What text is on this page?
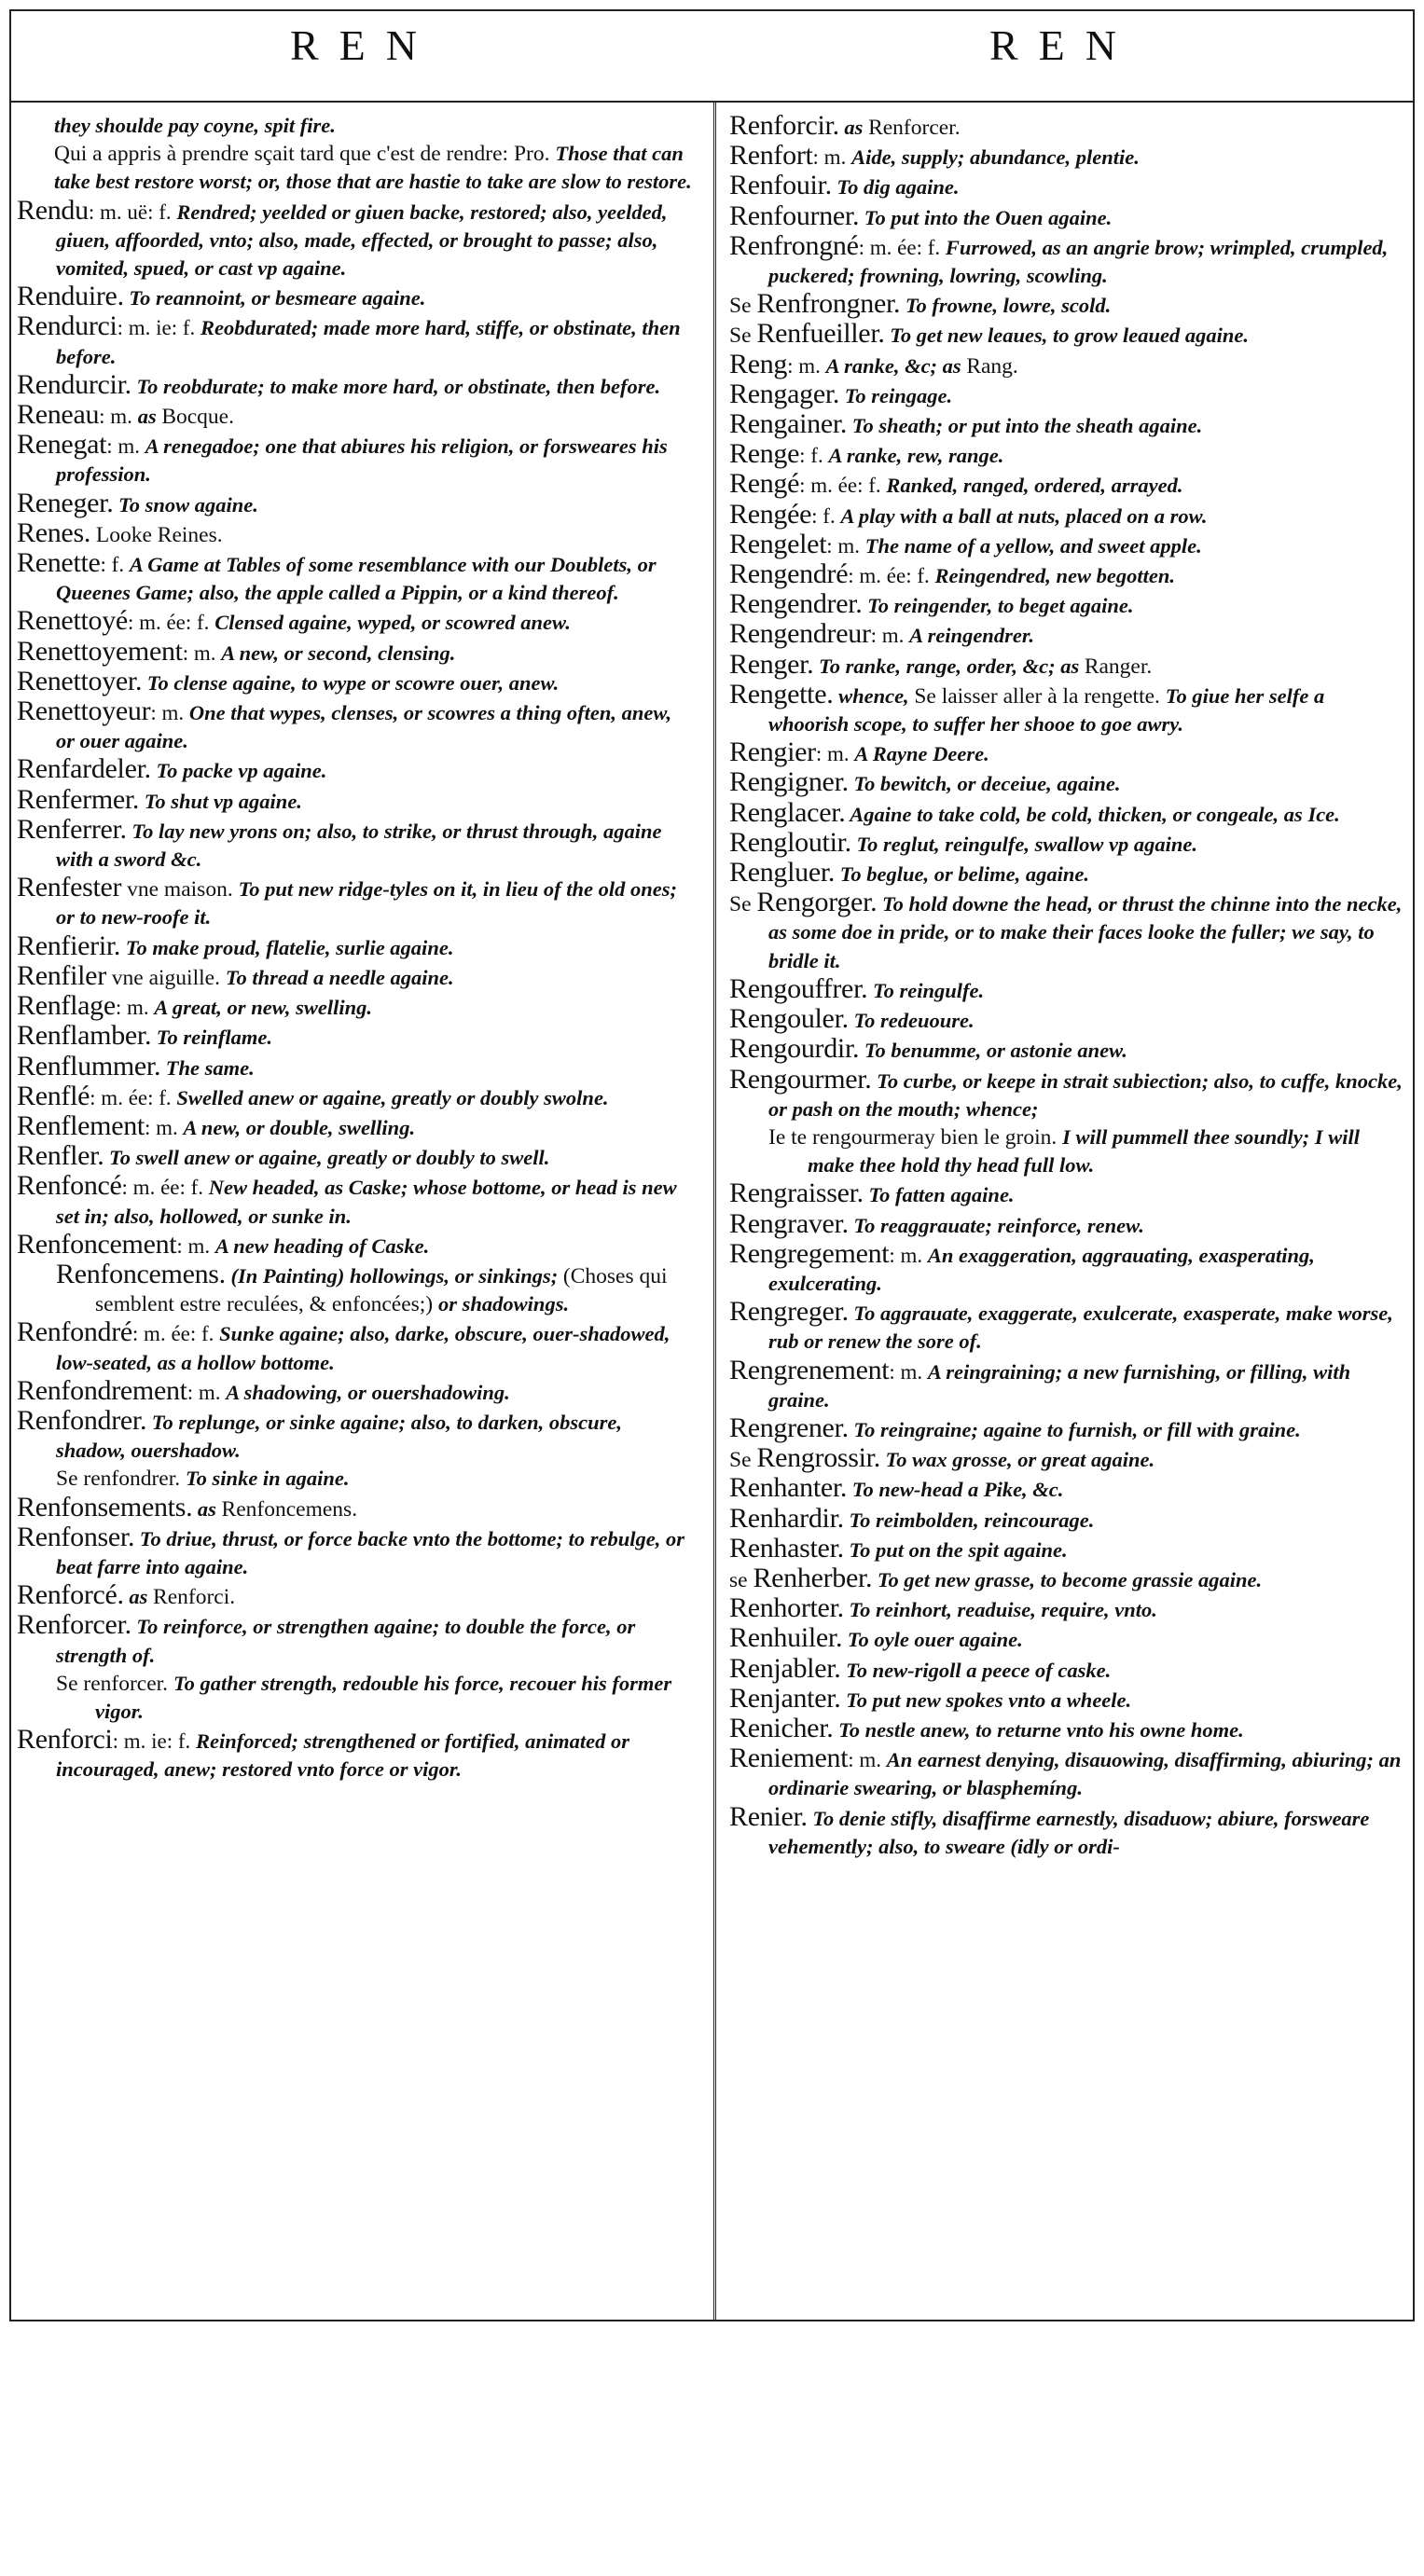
REN	REN

they shoulde pay coyne, spit fire.

Qui a appris à prendre sçait tard que c'est de rendre: Pro. Those that can take best restore worst; or, those that are hastie to take are slow to restore.

Rendu: m. uë: f. Rendred; yeelded or giuen backe, restored; also, yeelded, giuen, affoorded, vnto; also, made, effected, or brought to passe; also, vomited, spued, or cast vp againe.

Renduire. To reannoint, or besmeare againe.

Rendurci: m. ie: f. Reobdurated; made more hard, stiffe, or obstinate, then before.

Rendurcir. To reobdurate; to make more hard, or obstinate, then before.

Reneau: m. as Bocque.

Renegat: m. A renegadoe; one that abiures his religion, or forsweares his profession.

Reneger. To snow againe.

Renes. Looke Reines.

Renette: f. A Game at Tables of some resemblance with our Doublets, or Queenes Game; also, the apple called a Pippin, or a kind thereof.

Renettoyé: m. ée: f. Clensed againe, wyped, or scowred anew.

Renettoyement: m. A new, or second, clensing.

Renettoyer. To clense againe, to wype or scowre ouer, anew.

Renettoyeur: m. One that wypes, clenses, or scowres a thing often, anew, or ouer againe.

Renfardeler. To packe vp againe.

Renfermer. To shut vp againe.

Renferrer. To lay new yrons on; also, to strike, or thrust through, againe with a sword &c.

Renfester vne maison. To put new ridge-tyles on it, in lieu of the old ones; or to new-roofe it.

Renfierir. To make proud, flatelie, surlie againe.

Renfiler vne aiguille. To thread a needle againe.

Renflage: m. A great, or new, swelling.

Renflamber. To reinflame.

Renflummer. The same.

Renflé: m. ée: f. Swelled anew or againe, greatly or doubly swolne.

Renflement: m. A new, or double, swelling.

Renfler. To swell anew or againe, greatly or doubly to swell.

Renfoncé: m. ée: f. New headed, as Caske; whose bottome, or head is new set in; also, hollowed, or sunke in.

Renfoncement: m. A new heading of Caske.

Renfoncemens. (In Painting) hollowings, or sinkings; (Choses qui semblent estre reculées, & enfoncées;) or shadowings.

Renfondré: m. ée: f. Sunke againe; also, darke, obscure, ouer-shadowed, low-seated, as a hollow bottome.

Renfondrement: m. A shadowing, or ouershadowing.

Renfondrer. To replunge, or sinke againe; also, to darken, obscure, shadow, ouershadow.

Se renfondrer. To sinke in againe.

Renfonsements. as Renfoncemens.

Renfonser. To driue, thrust, or force backe vnto the bottome; to rebulge, or beat farre into againe.

Renforcé. as Renforci.

Renforcer. To reinforce, or strengthen againe; to double the force, or strength of.

Se renforcer. To gather strength, redouble his force, recouer his former vigor.

Renforci: m. ie: f. Reinforced; strengthened or fortified, animated or incouraged, anew; restored vnto force or vigor.

Renforcir. as Renforcer.

Renfort: m. Aide, supply; abundance, plentie.

Renfouir. To dig againe.

Renfourner. To put into the Ouen againe.

Renfrongné: m. ée: f. Furrowed, as an angrie brow; wrimpled, crumpled, puckered; frowning, lowring, scowling.

Se Renfrongner. To frowne, lowre, scold.

Se Renfueiller. To get new leaues, to grow leaued againe.

Reng: m. A ranke, &c; as Rang.

Rengager. To reingage.

Rengainer. To sheath; or put into the sheath againe.

Renge: f. A ranke, rew, range.

Rengé: m. ée: f. Ranked, ranged, ordered, arrayed.

Rengée: f. A play with a ball at nuts, placed on a row.

Rengelet: m. The name of a yellow, and sweet apple.

Rengendré: m. ée: f. Reingendred, new begotten.

Rengendrer. To reingender, to beget againe.

Rengendreur: m. A reingendrer.

Renger. To ranke, range, order, &c; as Ranger.

Rengette. whence, Se laisser aller à la rengette. To giue her selfe a whoorish scope, to suffer her shooe to goe awry.

Rengier: m. A Rayne Deere.

Rengigner. To bewitch, or deceiue, againe.

Renglacer. Againe to take cold, be cold, thicken, or congeale, as Ice.

Rengloutir. To reglut, reingulfe, swallow vp againe.

Rengluer. To beglue, or belime, againe.

Se Rengorger. To hold downe the head, or thrust the chinne into the necke, as some doe in pride, or to make their faces looke the fuller; we say, to bridle it.

Rengouffrer. To reingulfe.

Rengouler. To redeuoure.

Rengourdir. To benumme, or astonie anew.

Rengourmer. To curbe, or keepe in strait subiection; also, to cuffe, knocke, or pash on the mouth; whence;

Ie te rengourmeray bien le groin. I will pummell thee soundly; I will make thee hold thy head full low.

Rengraisser. To fatten againe.

Rengraver. To reaggrauate; reinforce, renew.

Rengregement: m. An exaggeration, aggrauating, exasperating, exulcerating.

Rengreger. To aggrauate, exaggerate, exulcerate, exasperate, make worse, rub or renew the sore of.

Rengrenement: m. A reingraining; a new furnishing, or filling, with graine.

Rengrener. To reingraine; againe to furnish, or fill with graine.

Se Rengrossir. To wax grosse, or great againe.

Renhanter. To new-head a Pike, &c.

Renhardir. To reimbolden, reincourage.

Renhaster. To put on the spit againe.

se Renherber. To get new grasse, to become grassie againe.

Renhorter. To reinhort, readuise, require, vnto.

Renhuiler. To oyle ouer againe.

Renjabler. To new-rigoll a peece of caske.

Renjanter. To put new spokes vnto a wheele.

Renicher. To nestle anew, to returne vnto his owne home.

Reniement: m. An earnest denying, disauowing, disaffirming, abiuring; an ordinarie swearing, or blasphemíng.

Renier. To denie stifly, disaffirme earnestly, disaduow; abiure, forsweare vehemently; also, to sweare (idly or ordi-
